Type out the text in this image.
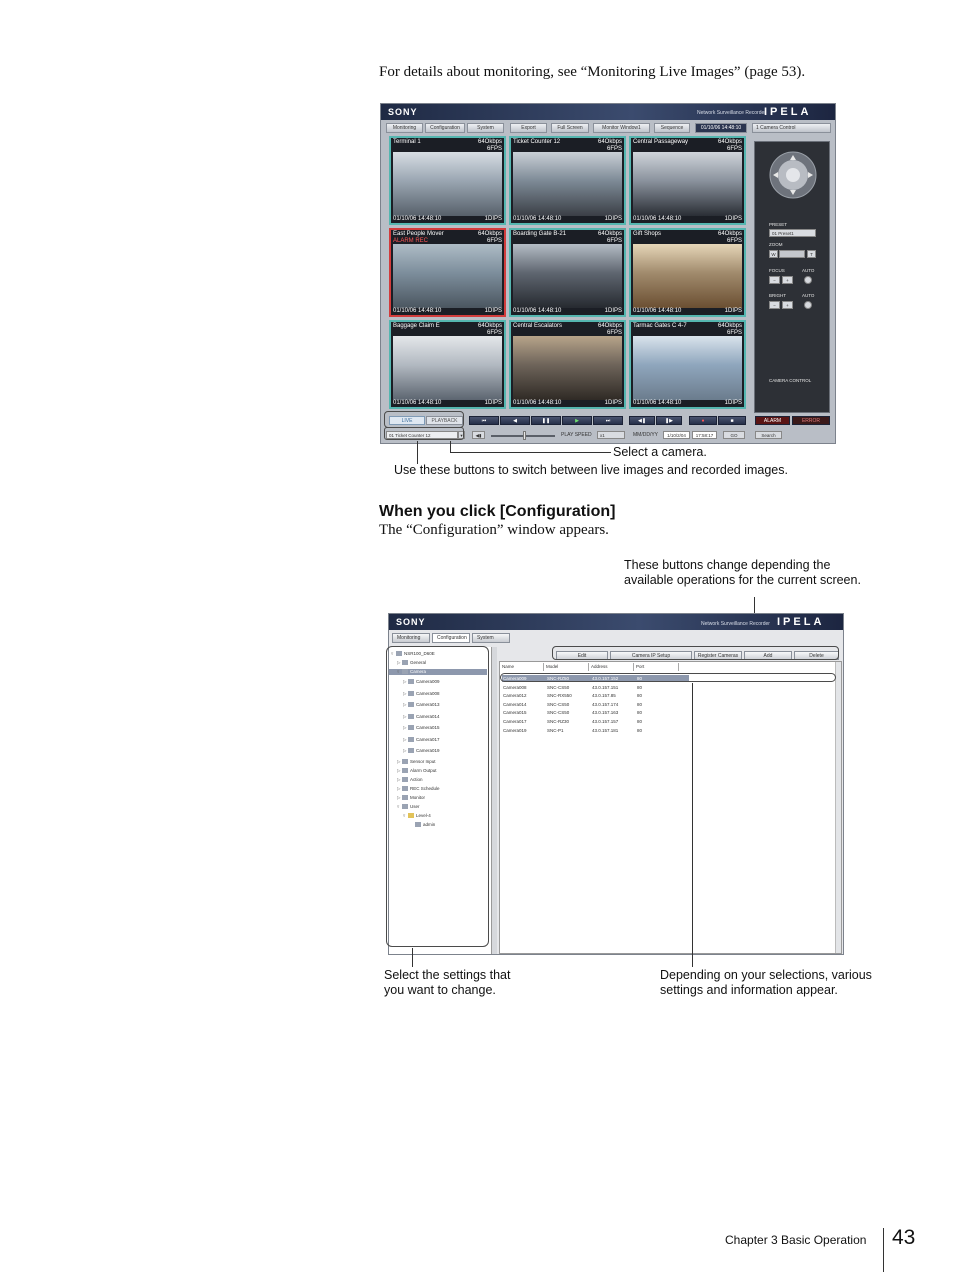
For details about monitoring, see “Monitoring Live Images” (page 53).
SONY	Network Surveillance Recorder
IPELA
Monitoring	Configuration	System	Export	Full Screen	Monitor Window1	Sequence	01/10/06 14:48:10	1 Camera Control
Terminal 1	64Okbps
6FPS
01/10/06 14:48:10	1DIPS
Ticket Counter 12	64Okbps
6FPS
01/10/06 14:48:10	1DIPS
Central Passageway	64Okbps
6FPS
01/10/06 14:48:10	1DIPS
East People Mover	64Okbps
6FPS
ALARM REC
01/10/06 14:48:10	1DIPS
Boarding Gate B-21	64Okbps
6FPS
01/10/06 14:48:10	1DIPS
Gift Shops	64Okbps
6FPS
01/10/06 14:48:10	1DIPS
Baggage Claim E	64Okbps
6FPS
01/10/06 14:48:10	1DIPS
Central Escalators	64Okbps
6FPS
01/10/06 14:48:10	1DIPS
Tarmac Gates C 4-7	64Okbps
6FPS
01/10/06 14:48:10	1DIPS
PRESET
01 Preset1
ZOOM
W	T
FOCUS	AUTO
−	+
BRIGHT	AUTO
−	+
CAMERA CONTROL
LIVE	PLAYBACK	⏮	◀	❚❚	▶	⏭	◀❚	❚▶	●	■	ALARM	ERROR
01 Ticket Counter 12	▾	◀▮	PLAY SPEED	x1	MM/DD/YY	1/10/2/04	17:58:17	GO	Search
Select a camera.
Use these buttons to switch between live images and recorded images.
When you click [Configuration]
The “Configuration” window appears.
These buttons change depending the
available operations for the current screen.
SONY	Network Surveillance Recorder IPELA
Monitoring	Configuration	System
Edit	Camera IP Setup	Register Cameras	Add	Delete
▿ NSR100_D60E
▷ General
▿ Camera
▷ Camera009
▷ Camera008
▷ Camera013
▷ Camera014
▷ Camera015
▷ Camera017
▷ Camera019
▷ Sensor Input
▷ Alarm Output
▷ Action
▷ REC Schedule
▷ Monitor
▿ User
▿ Level-4
admin
Name	Model	Address	Port
Camera009	SNC-RZ50	43.0.157.152	80
Camera008	SNC-CS50	43.0.157.151	80
Camera012	SNC-RX550	43.0.157.85	80
Camera014	SNC-CS50	43.0.157.174	80
Camera015	SNC-CS50	43.0.157.163	80
Camera017	SNC-RZ30	43.0.157.157	80
Camera019	SNC-P1	43.0.157.181	80
Select the settings that
you want to change.
Depending on your selections, various
settings and information appear.
Chapter 3 Basic Operation 43
